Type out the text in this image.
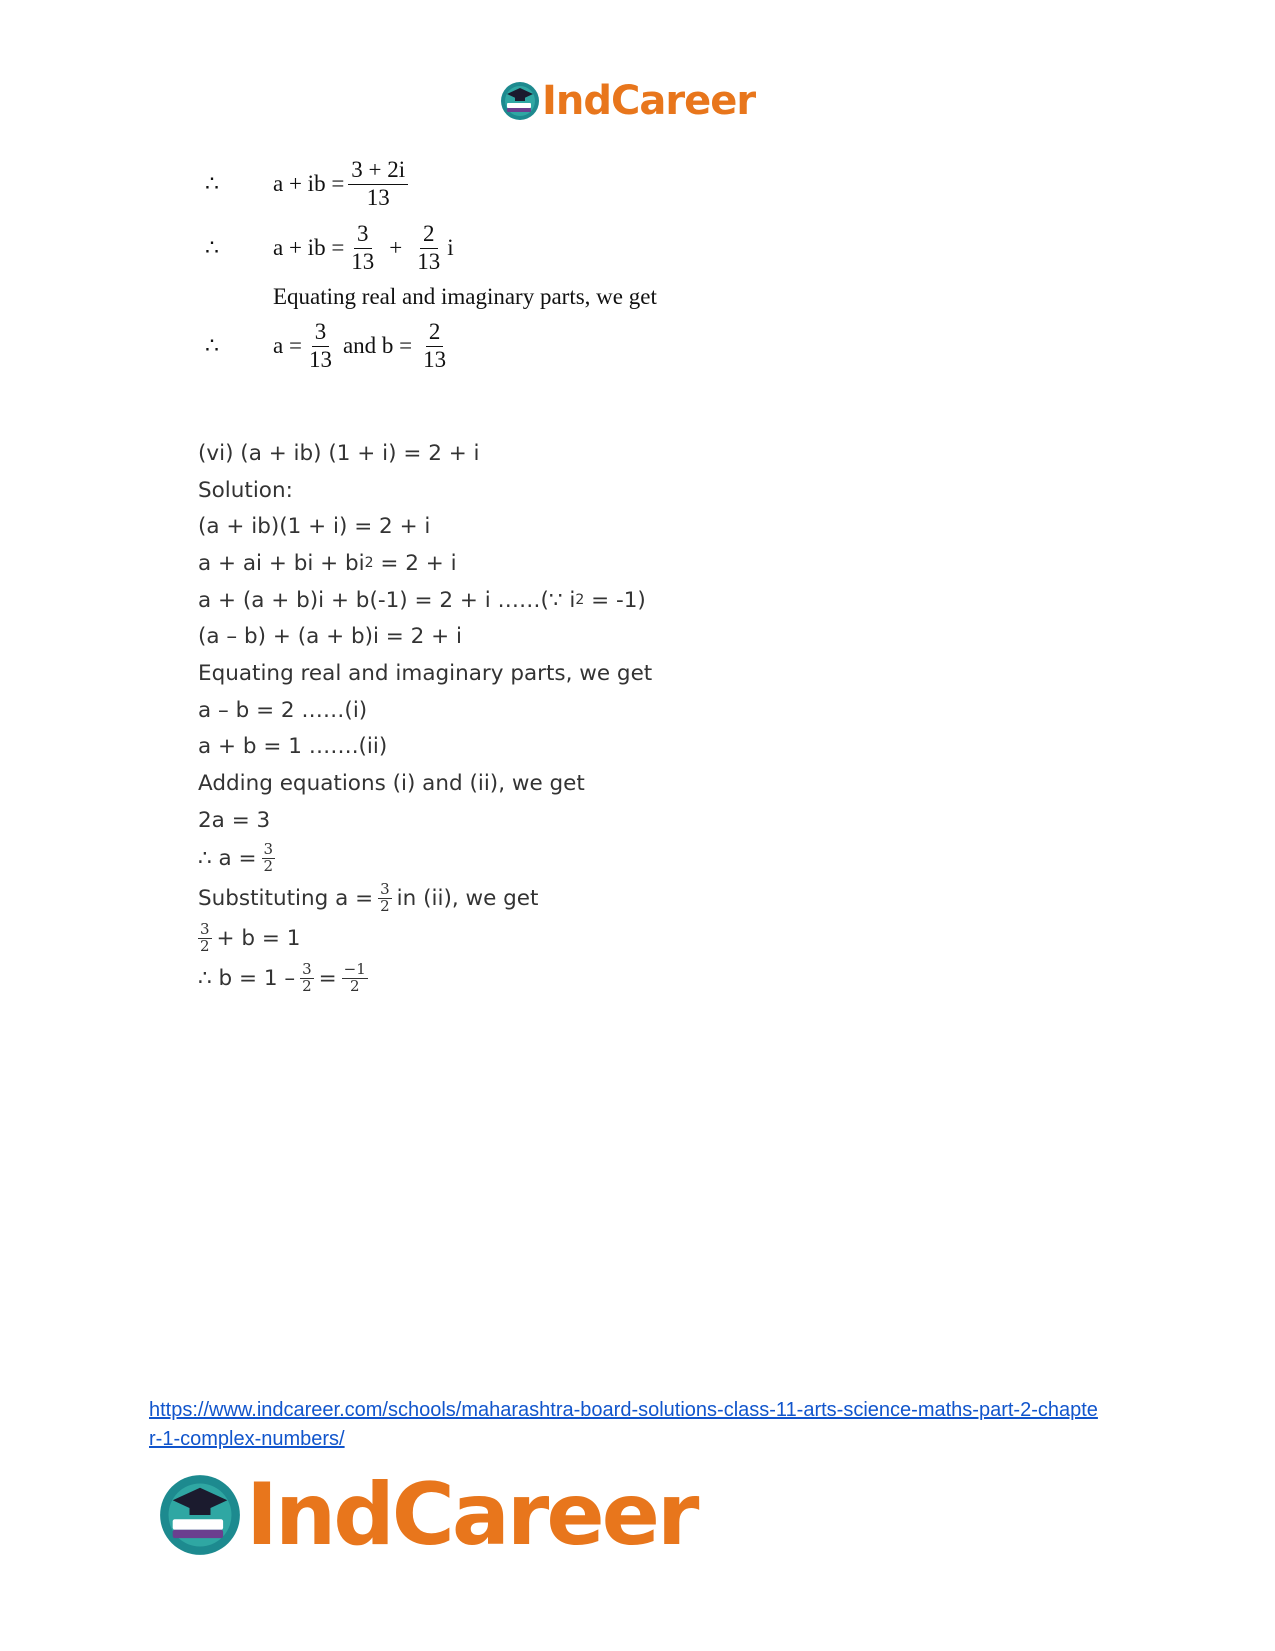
IndCareer
∴	a + ib = $\frac{3 + 2i}{13}$
∴	a + ib = $\frac{3}{13} + \frac{2}{13}$ i
Equating real and imaginary parts, we get
∴	$a = \frac{3}{13}$ and $b = \frac{2}{13}$
(vi) (a + ib) (1 + i) = 2 + i
Solution:
(a + ib)(1 + i) = 2 + i
a + ai + bi + bi 2 = 2 + i
a + (a + b)i + b(-1) = 2 + i ……(∵ i 2 = -1)
(a – b) + (a + b)i = 2 + i
Equating real and imaginary parts, we get
a – b = 2 ……(i)
a + b = 1 …….(ii)
Adding equations (i) and (ii), we get
2a = 3
∴ $a = \frac{3}{2}$
Substituting $a = \frac{3}{2}$ in (ii), we get
$\frac{3}{2} + b = 1$
∴ $b = 1 - \frac{3}{2} = \frac{-1}{2}$
https://www.indcareer.com/schools/maharashtra-board-solutions-class-11-arts-science-maths-part-2-chapter-1-complex-numbers/
IndCareer
